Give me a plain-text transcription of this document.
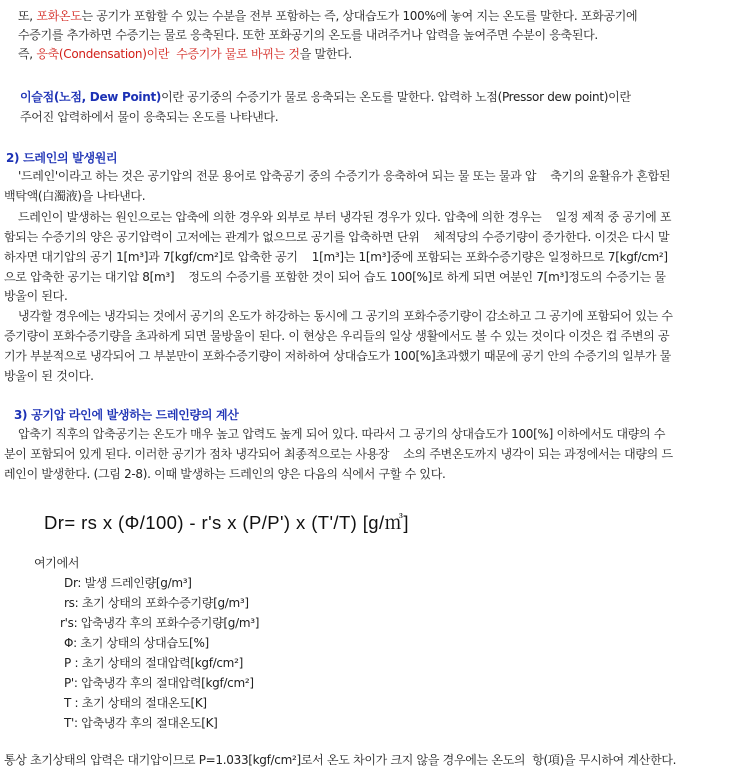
또, 포화온도는 공기가 포함할 수 있는 수분을 전부 포함하는 즉, 상대습도가 100%에 놓여 지는 온도를 말한다. 포화공기에
수증기를 추가하면 수증기는 물로 응축된다. 또한 포화공기의 온도를 내려주거나 압력을 높여주면 수분이 응축된다.
즉, 응축(Condensation)이란  수증기가 물로 바뀌는 것을 말한다.
이슬점(노점, Dew Point)이란 공기중의 수증기가 물로 응축되는 온도를 말한다. 압력하 노점(Pressor dew point)이란
주어진 압력하에서 물이 응축되는 온도를 나타낸다.
2) 드레인의 발생원리
'드레인'이라고 하는 것은 공기압의 전문 용어로 압축공기 중의 수증기가 응축하여 되는 물 또는 물과 압    축기의 윤활유가 혼합된
백탁액(白濁液)을 나타낸다.
드레인이 발생하는 원인으로는 압축에 의한 경우와 외부로 부터 냉각된 경우가 있다. 압축에 의한 경우는    일정 제적 중 공기에 포
함되는 수증기의 양은 공기압력이 고저에는 관계가 없으므로 공기를 압축하면 단위    체적당의 수증기량이 증가한다. 이것은 다시 말
하자면 대기압의 공기 1[m³]과 7[kgf/cm²]로 압축한 공기    1[m³]는 1[m³]중에 포함되는 포화수증기량은 일정하므로 7[kgf/cm²]
으로 압축한 공기는 대기압 8[m³]    정도의 수증기를 포함한 것이 되어 습도 100[%]로 하게 되면 여분인 7[m³]정도의 수증기는 물
방울이 된다.
냉각할 경우에는 냉각되는 것에서 공기의 온도가 하강하는 동시에 그 공기의 포화수증기량이 감소하고 그 공기에 포함되어 있는 수
증기량이 포화수증기량을 초과하게 되면 물방울이 된다. 이 현상은 우리들의 일상 생활에서도 볼 수 있는 것이다 이것은 컵 주변의 공
기가 부분적으로 냉각되어 그 부분만이 포화수증기량이 저하하여 상대습도가 100[%]초과했기 때문에 공기 안의 수증기의 일부가 물
방울이 된 것이다.
3) 공기압 라인에 발생하는 드레인량의 계산
압축기 직후의 압축공기는 온도가 매우 높고 압력도 높게 되어 있다. 따라서 그 공기의 상대습도가 100[%] 이하에서도 대량의 수
분이 포함되어 있게 된다. 이러한 공기가 점차 냉각되어 최종적으로는 사용장    소의 주변온도까지 냉각이 되는 과정에서는 대량의 드
레인이 발생한다. (그림 2-8). 이때 발생하는 드레인의 양은 다음의 식에서 구할 수 있다.
Dr= rs x (Φ/100) - r's x (P/P') x (T'/T) [g/㎥]
여기에서
Dr: 발생 드레인량[g/m³]
rs: 초기 상태의 포화수증기량[g/m³]
r's: 압축냉각 후의 포화수증기량[g/m³]
Φ: 초기 상태의 상대습도[%]
P : 초기 상태의 절대압력[kgf/cm²]
P': 압축냉각 후의 절대압력[kgf/cm²]
T : 초기 상태의 절대온도[K]
T': 압축냉각 후의 절대온도[K]
통상 초기상태의 압력은 대기압이므로 P=1.033[kgf/cm²]로서 온도 차이가 크지 않을 경우에는 온도의  항(項)을 무시하여 계산한다.
